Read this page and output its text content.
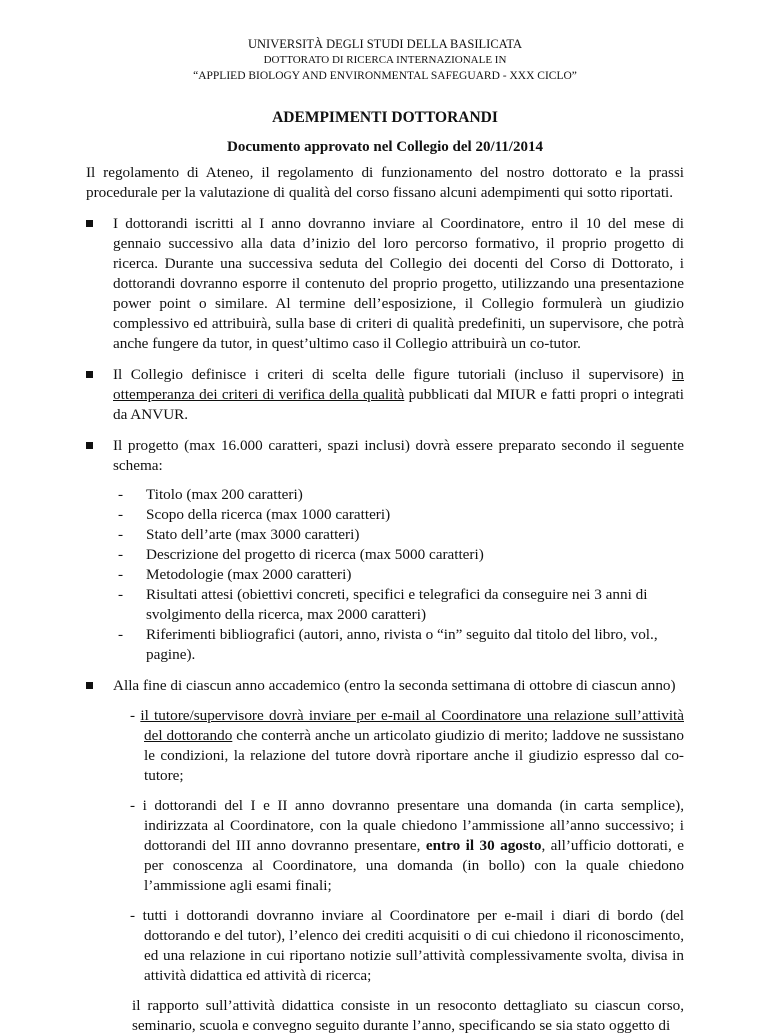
UNIVERSITÀ DEGLI STUDI DELLA BASILICATA
DOTTORATO DI RICERCA INTERNAZIONALE IN
“APPLIED BIOLOGY AND ENVIRONMENTAL SAFEGUARD - XXX CICLO”
ADEMPIMENTI DOTTORANDI
Documento approvato nel Collegio del 20/11/2014
Il regolamento di Ateneo, il regolamento di funzionamento del nostro dottorato e la prassi procedurale per la valutazione di qualità del corso fissano alcuni adempimenti qui sotto riportati.
I dottorandi iscritti al I anno dovranno inviare al Coordinatore, entro il 10 del mese di gennaio successivo alla data d’inizio del loro percorso formativo, il proprio progetto di ricerca. Durante una successiva seduta del Collegio dei docenti del Corso di Dottorato, i dottorandi dovranno esporre il contenuto del proprio progetto, utilizzando una presentazione power point o similare. Al termine dell’esposizione, il Collegio formulerà un giudizio complessivo ed attribuirà, sulla base di criteri di qualità predefiniti, un supervisore, che potrà anche fungere da tutor, in quest’ultimo caso il Collegio attribuirà un co-tutor.
Il Collegio definisce i criteri di scelta delle figure tutoriali (incluso il supervisore) in ottemperanza dei criteri di verifica della qualità pubblicati dal MIUR e fatti propri o integrati da ANVUR.
Il progetto (max 16.000 caratteri, spazi inclusi) dovrà essere preparato secondo il seguente schema:
- Titolo (max 200 caratteri)
- Scopo della ricerca (max 1000 caratteri)
- Stato dell’arte (max 3000 caratteri)
- Descrizione del progetto di ricerca (max 5000 caratteri)
- Metodologie (max 2000 caratteri)
- Risultati attesi (obiettivi concreti, specifici e telegrafici da conseguire nei 3 anni di svolgimento della ricerca, max 2000 caratteri)
- Riferimenti bibliografici (autori, anno, rivista o “in” seguito dal titolo del libro, vol., pagine).
Alla fine di ciascun anno accademico (entro la seconda settimana di ottobre di ciascun anno)
- il tutore/supervisore dovrà inviare per e-mail al Coordinatore una relazione sull’attività del dottorando che conterrà anche un articolato giudizio di merito; laddove ne sussistano le condizioni, la relazione del tutore dovrà riportare anche il giudizio espresso dal co-tutore;
- i dottorandi del I e II anno dovranno presentare una domanda (in carta semplice), indirizzata al Coordinatore, con la quale chiedono l’ammissione all’anno successivo; i dottorandi del III anno dovranno presentare, entro il 30 agosto, all’ufficio dottorati, e per conoscenza al Coordinatore, una domanda (in bollo) con la quale chiedono l’ammissione agli esami finali;
- tutti i dottorandi dovranno inviare al Coordinatore per e-mail i diari di bordo (del dottorando e del tutor), l’elenco dei crediti acquisiti o di cui chiedono il riconoscimento, ed una relazione in cui riportano notizie sull’attività complessivamente svolta, divisa in attività didattica ed attività di ricerca;
il rapporto sull’attività didattica consiste in un resoconto dettagliato su ciascun corso, seminario, scuola e convegno seguito durante l’anno, specificando se sia stato oggetto di
